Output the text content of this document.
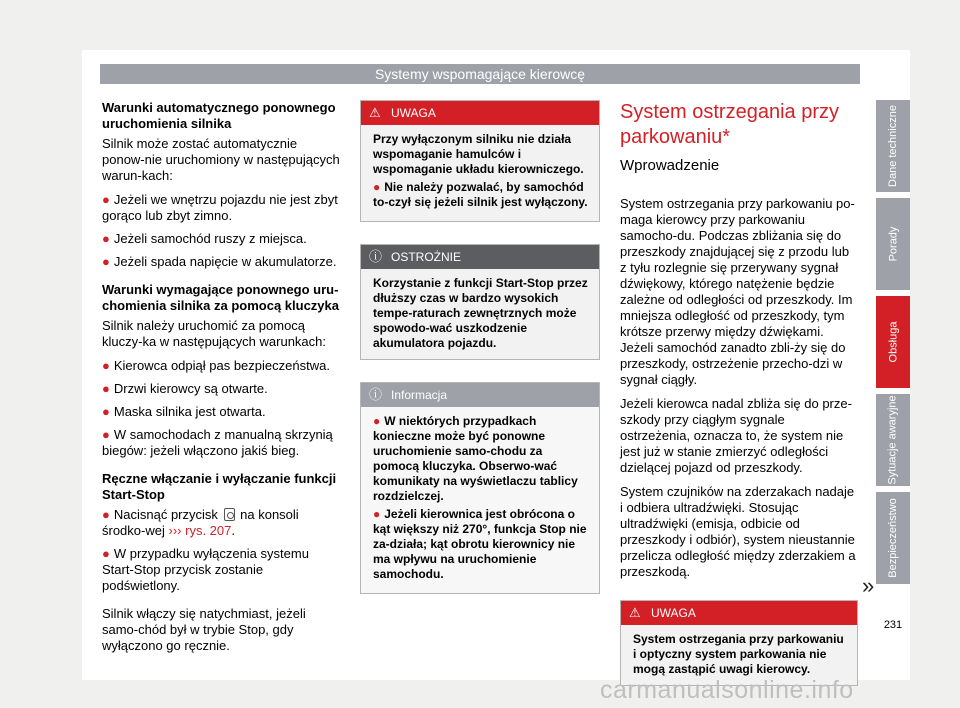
Systemy wspomagające kierowcę
Warunki automatycznego ponownego uruchomienia silnika
Silnik może zostać automatycznie ponow-nie uruchomiony w następujących warun-kach:
● Jeżeli we wnętrzu pojazdu nie jest zbyt gorąco lub zbyt zimno.
● Jeżeli samochód ruszy z miejsca.
● Jeżeli spada napięcie w akumulatorze.
Warunki wymagające ponownego uru-chomienia silnika za pomocą kluczyka
Silnik należy uruchomić za pomocą kluczy-ka w następujących warunkach:
● Kierowca odpiął pas bezpieczeństwa.
● Drzwi kierowcy są otwarte.
● Maska silnika jest otwarta.
● W samochodach z manualną skrzynią biegów: jeżeli włączono jakiś bieg.
Ręczne włączanie i wyłączanie funkcji Start-Stop
● Nacisnąć przycisk na konsoli środko-wej ››› rys. 207.
● W przypadku wyłączenia systemu Start-Stop przycisk zostanie podświetlony.
Silnik włączy się natychmiast, jeżeli samo-chód był w trybie Stop, gdy wyłączono go ręcznie.
⚠ UWAGA
Przy wyłączonym silniku nie działa wspomaganie hamulców i wspomaganie układu kierowniczego.
● Nie należy pozwalać, by samochód to-czył się jeżeli silnik jest wyłączony.
ⓘ OSTROŻNIE
Korzystanie z funkcji Start-Stop przez dłuższy czas w bardzo wysokich tempe-raturach zewnętrznych może spowodo-wać uszkodzenie akumulatora pojazdu.
ⓘ Informacja
● W niektórych przypadkach konieczne może być ponowne uruchomienie samo-chodu za pomocą kluczyka. Obserwo-wać komunikaty na wyświetlaczu tablicy rozdzielczej.
● Jeżeli kierownica jest obrócona o kąt większy niż 270°, funkcja Stop nie za-działa; kąt obrotu kierownicy nie ma wpływu na uruchomienie samochodu.
System ostrzegania przy parkowaniu*
Wprowadzenie
System ostrzegania przy parkowaniu po-maga kierowcy przy parkowaniu samocho-du. Podczas zbliżania się do przeszkody znajdującej się z przodu lub z tyłu rozlegnie się przerywany sygnał dźwiękowy, którego natężenie będzie zależne od odległości od przeszkody. Im mniejsza odległość od przeszkody, tym krótsze przerwy między dźwiękami. Jeżeli samochód zanadto zbli-ży się do przeszkody, ostrzeżenie przecho-dzi w sygnał ciągły.
Jeżeli kierowca nadal zbliża się do prze-szkody przy ciągłym sygnale ostrzeżenia, oznacza to, że system nie jest już w stanie zmierzyć odległości dzielącej pojazd od przeszkody.
System czujników na zderzakach nadaje i odbiera ultradźwięki. Stosując ultradźwięki (emisja, odbicie od przeszkody i odbiór), system nieustannie przelicza odległość między zderzakiem a przeszkodą.
⚠ UWAGA
System ostrzegania przy parkowaniu i optyczny system parkowania nie mogą zastąpić uwagi kierowcy.
»
Dane techniczne
Porady
Obsługa
Sytuacje awaryjne
Bezpieczeństwo
231
carmanualsonline.info
